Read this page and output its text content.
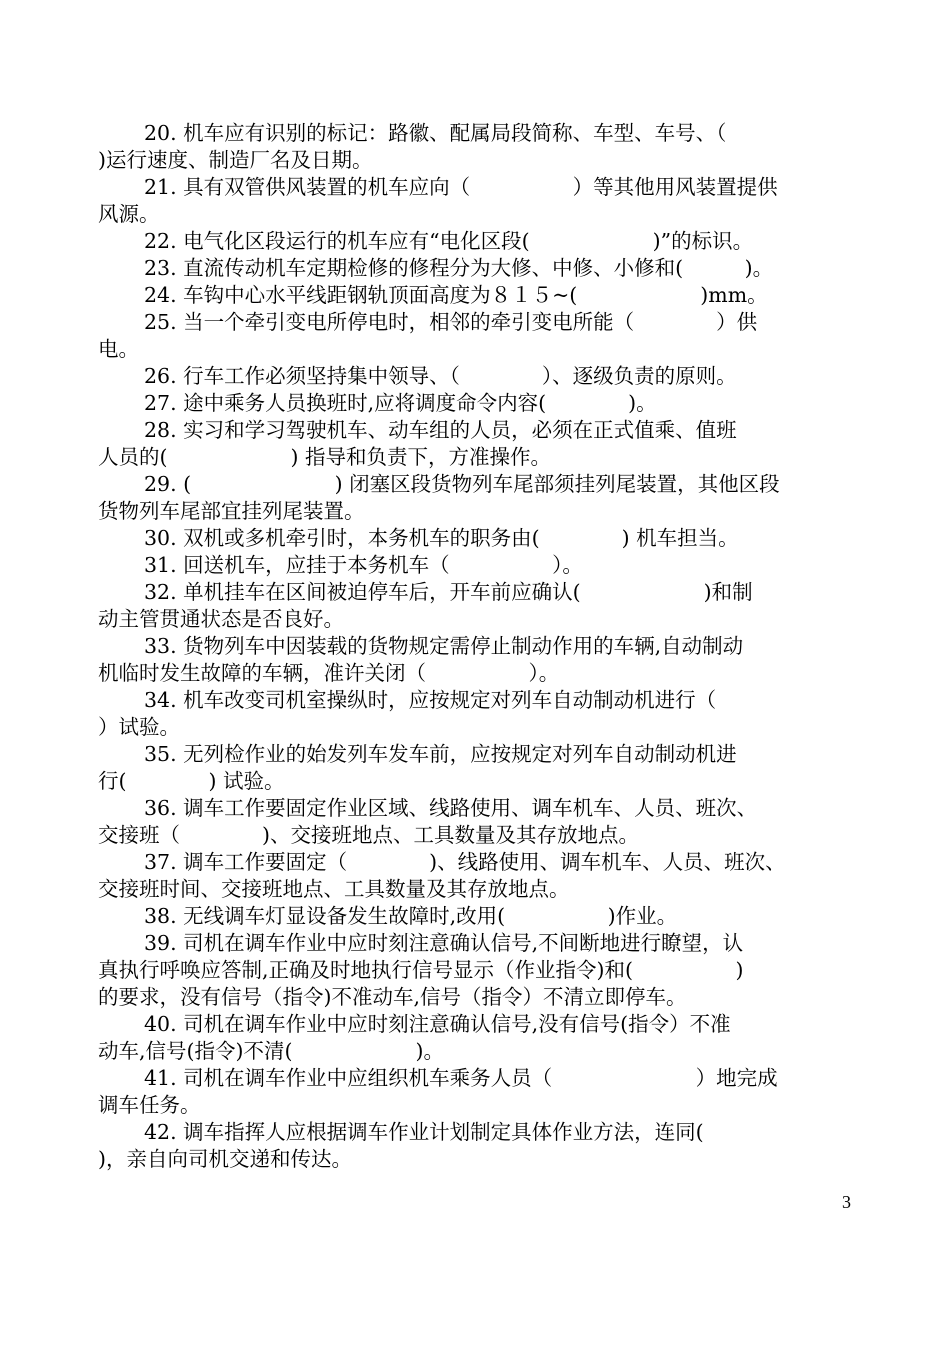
20. 机车应有识别的标记：路徽、配属局段简称、车型、车号、（
)运行速度、制造厂名及日期。
21. 具有双管供风装置的机车应向（　　　　　）等其他用风装置提供
风源。
22. 电气化区段运行的机车应有“电化区段(　　　　　　)”的标识。
23. 直流传动机车定期检修的修程分为大修、中修、小修和(　　　)。
24. 车钩中心水平线距钢轨顶面高度为８１５~(　　　　　　)mm。
25. 当一个牵引变电所停电时，相邻的牵引变电所能（　　　　）供
电。
26. 行车工作必须坚持集中领导、（　　　　）、逐级负责的原则。
27. 途中乘务人员换班时,应将调度命令内容(　　　　)。
28. 实习和学习驾驶机车、动车组的人员，必须在正式值乘、值班
人员的(　　　　　　) 指导和负责下，方准操作。
29. (　　　　　　　) 闭塞区段货物列车尾部须挂列尾装置，其他区段
货物列车尾部宜挂列尾装置。
30. 双机或多机牵引时，本务机车的职务由(　　　　) 机车担当。
31. 回送机车，应挂于本务机车（　　　　　）。
32. 单机挂车在区间被迫停车后，开车前应确认(　　　　　　)和制
动主管贯通状态是否良好。
33. 货物列车中因装载的货物规定需停止制动作用的车辆,自动制动
机临时发生故障的车辆，准许关闭（　　　　　）。
34. 机车改变司机室操纵时，应按规定对列车自动制动机进行（
）试验。
35. 无列检作业的始发列车发车前，应按规定对列车自动制动机进
行(　　　　) 试验。
36. 调车工作要固定作业区域、线路使用、调车机车、人员、班次、
交接班（　　　　)、交接班地点、工具数量及其存放地点。
37. 调车工作要固定（　　　　)、线路使用、调车机车、人员、班次、
交接班时间、交接班地点、工具数量及其存放地点。
38. 无线调车灯显设备发生故障时,改用(　　　　　)作业。
39. 司机在调车作业中应时刻注意确认信号,不间断地进行瞭望，认
真执行呼唤应答制,正确及时地执行信号显示（作业指令)和(　　　　　)
的要求，没有信号（指令)不准动车,信号（指令）不清立即停车。
40. 司机在调车作业中应时刻注意确认信号,没有信号(指令）不准
动车,信号(指令)不清(　　　　　　)。
41. 司机在调车作业中应组织机车乘务人员（　　　　　　　）地完成
调车任务。
42. 调车指挥人应根据调车作业计划制定具体作业方法，连同(
)，亲自向司机交递和传达。
3
